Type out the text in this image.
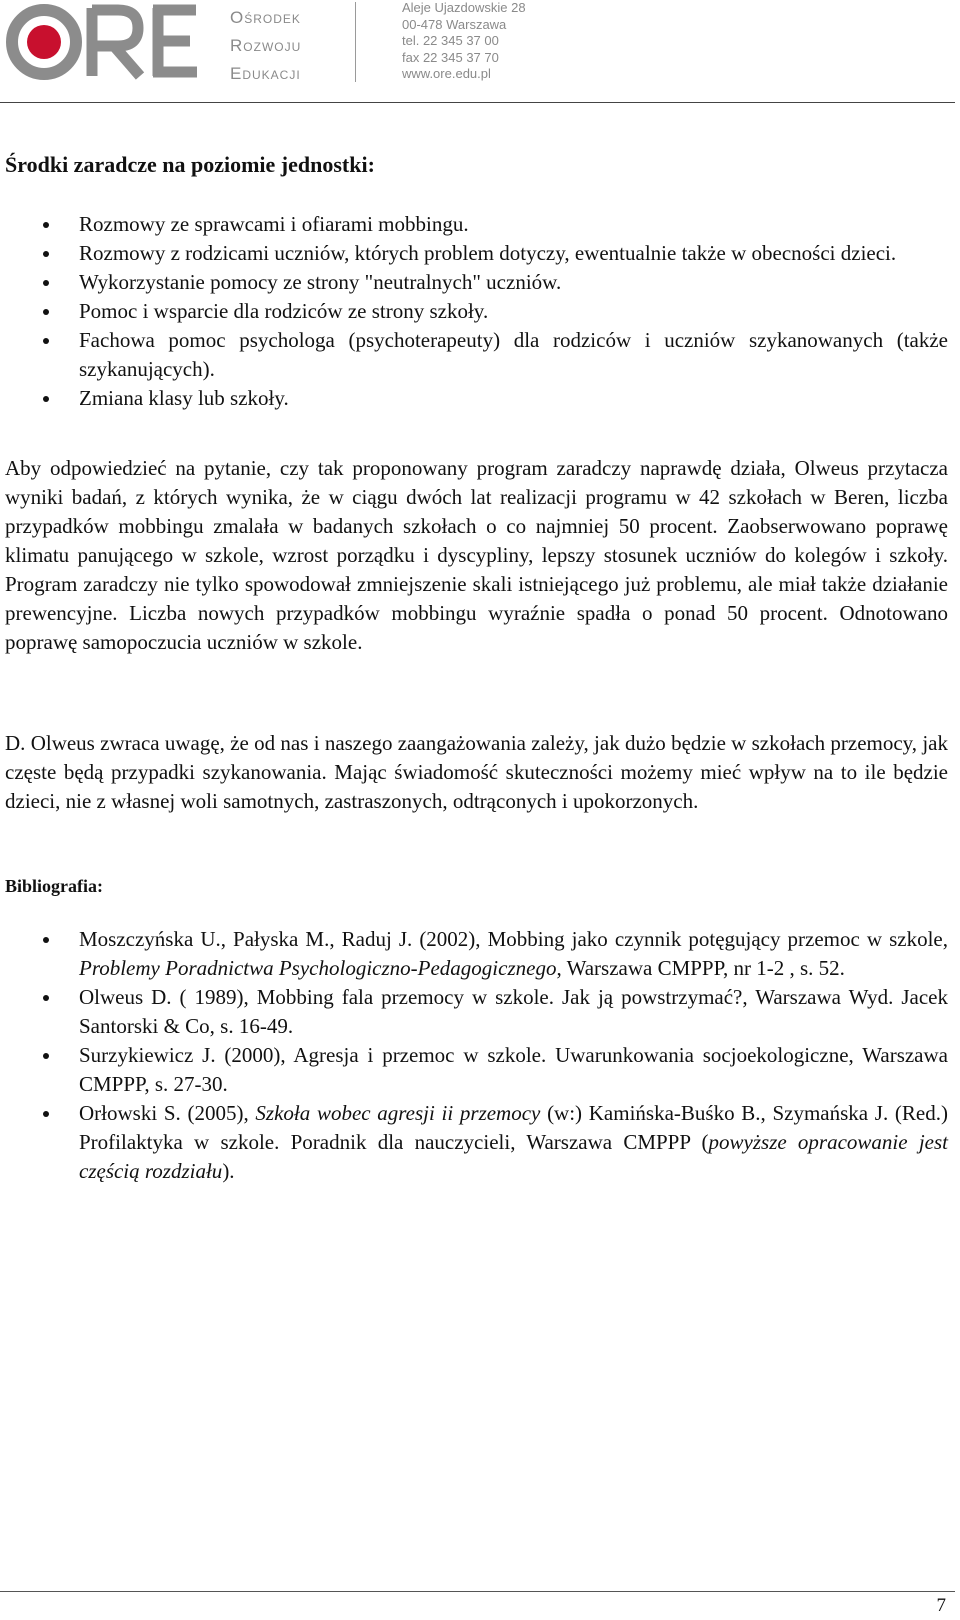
Ośrodek
Rozwoju
Edukacji
Aleje Ujazdowskie 28
00-478 Warszawa
tel. 22 345 37 00
fax 22 345 37 70
www.ore.edu.pl
Środki zaradcze na poziomie jednostki:
Rozmowy ze sprawcami i ofiarami mobbingu.
Rozmowy z rodzicami uczniów, których problem dotyczy, ewentualnie także w obecności dzieci.
Wykorzystanie pomocy ze strony "neutralnych" uczniów.
Pomoc i wsparcie dla rodziców ze strony szkoły.
Fachowa pomoc psychologa (psychoterapeuty) dla rodziców i uczniów szykanowanych (także szykanujących).
Zmiana klasy lub szkoły.

Aby odpowiedzieć na pytanie, czy tak proponowany program zaradczy naprawdę działa, Olweus przytacza wyniki badań, z których wynika, że w ciągu dwóch lat realizacji programu w 42 szkołach w Beren, liczba przypadków mobbingu zmalała w badanych szkołach o co najmniej 50 procent. Zaobserwowano poprawę klimatu panującego w szkole, wzrost porządku i dyscypliny, lepszy stosunek uczniów do kolegów i szkoły. Program zaradczy nie tylko spowodował zmniejszenie skali istniejącego już problemu, ale miał także działanie prewencyjne. Liczba nowych przypadków mobbingu wyraźnie spadła o ponad 50 procent. Odnotowano poprawę samopoczucia uczniów w szkole.

D. Olweus zwraca uwagę, że od nas i naszego zaangażowania zależy, jak dużo będzie w szkołach przemocy, jak częste będą przypadki szykanowania. Mając świadomość skuteczności możemy mieć wpływ na to ile będzie dzieci, nie z własnej woli samotnych, zastraszonych, odtrąconych i upokorzonych.

Bibliografia:
Moszczyńska U., Pałyska M., Raduj J. (2002), Mobbing jako czynnik potęgujący przemoc w szkole, Problemy Poradnictwa Psychologiczno-Pedagogicznego, Warszawa CMPPP, nr 1-2 , s. 52.
Olweus D. ( 1989), Mobbing fala przemocy w szkole. Jak ją powstrzymać?, Warszawa Wyd. Jacek Santorski & Co, s. 16-49.
Surzykiewicz J. (2000), Agresja i przemoc w szkole. Uwarunkowania socjoekologiczne, Warszawa CMPPP, s. 27-30.
Orłowski S. (2005), Szkoła wobec agresji ii przemocy (w:) Kamińska-Buśko B., Szymańska J. (Red.) Profilaktyka w szkole. Poradnik dla nauczycieli, Warszawa CMPPP (powyższe opracowanie jest częścią rozdziału).
7
